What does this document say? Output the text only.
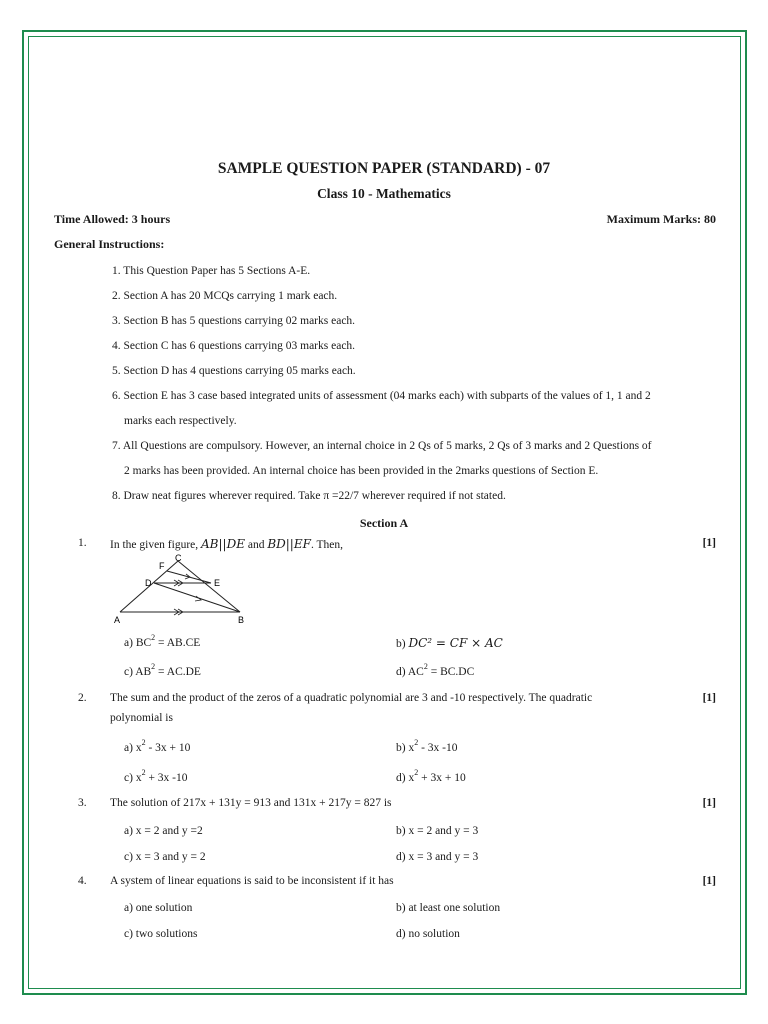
SAMPLE QUESTION PAPER (STANDARD) - 07
Class 10 - Mathematics
Time Allowed: 3 hours	Maximum Marks: 80
General Instructions:
1. This Question Paper has 5 Sections A-E.
2. Section A has 20 MCQs carrying 1 mark each.
3. Section B has 5 questions carrying 02 marks each.
4. Section C has 6 questions carrying 03 marks each.
5. Section D has 4 questions carrying 05 marks each.
6. Section E has 3 case based integrated units of assessment (04 marks each) with subparts of the values of 1, 1 and 2
marks each respectively.
7. All Questions are compulsory. However, an internal choice in 2 Qs of 5 marks, 2 Qs of 3 marks and 2 Questions of
2 marks has been provided. An internal choice has been provided in the 2marks questions of Section E.
8. Draw neat figures wherever required. Take π =22/7 wherever required if not stated.
Section A
1. In the given figure, AB||DE and BD||EF. Then,	[1]
C
F
D	E
A	B
a) $BC^2 = AB.CE$	b) DC² = CF × AC
c) $AB^2 = AC.DE$	d) $AC^2 = BC.DC$
2. The sum and the product of the zeros of a quadratic polynomial are 3 and -10 respectively. The quadratic
polynomial is
[1]
a) $x^2 - 3x + 10$	b) $x^2 - 3x$ -10
c) $x^2 + 3x$ -10	d) $x^2 + 3x + 10$
3. The solution of 217x + 131y = 913 and 131x + 217y = 827 is	[1]
a) x = 2 and y =2	b) x = 2 and y = 3
c) x = 3 and y = 2	d) x = 3 and y = 3
4. A system of linear equations is said to be inconsistent if it has	[1]
a) one solution	b) at least one solution
c) two solutions	d) no solution
